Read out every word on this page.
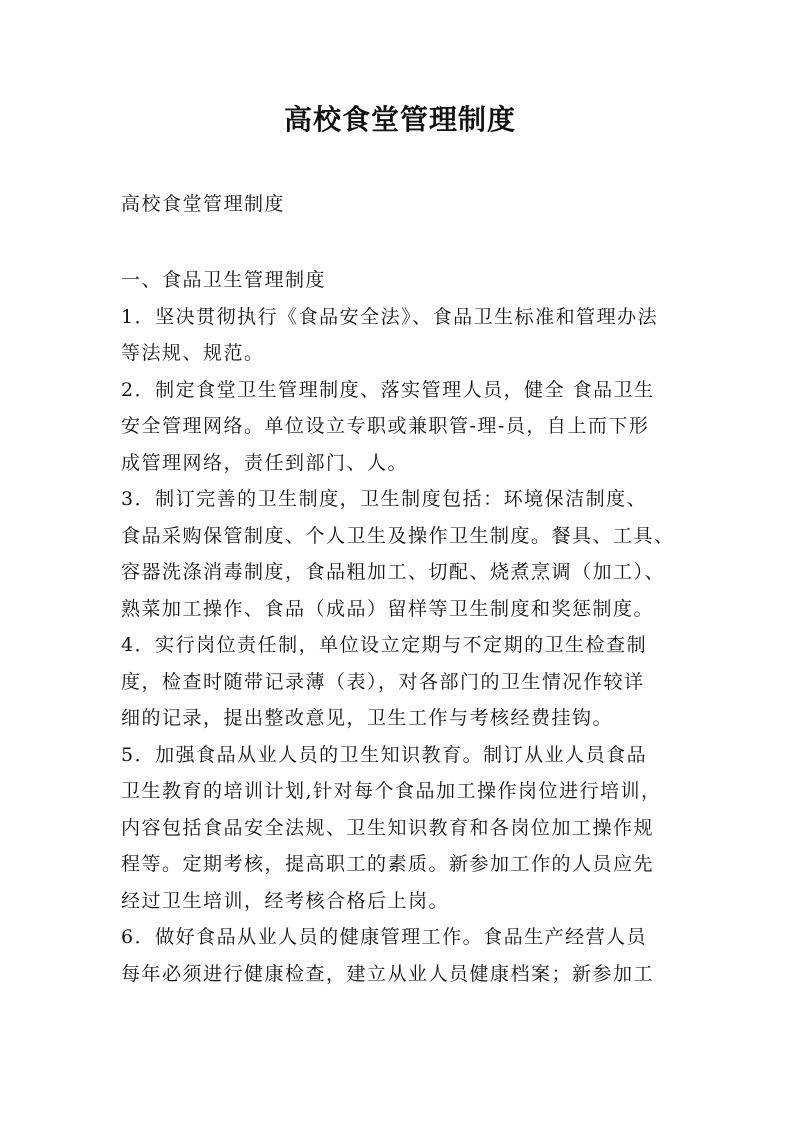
高校食堂管理制度
高校食堂管理制度
一、食品卫生管理制度
1．坚决贯彻执行《食品安全法》、食品卫生标准和管理办法
等法规、规范。
2．制定食堂卫生管理制度、落实管理人员，健全 食品卫生
安全管理网络。单位设立专职或兼职管-理-员，自上而下形
成管理网络，责任到部门、人。
3．制订完善的卫生制度，卫生制度包括：环境保洁制度、
食品采购保管制度、个人卫生及操作卫生制度。餐具、工具、
容器洗涤消毒制度，食品粗加工、切配、烧煮烹调（加工）、
熟菜加工操作、食品（成品）留样等卫生制度和奖惩制度。
4．实行岗位责任制，单位设立定期与不定期的卫生检查制
度，检查时随带记录薄（表），对各部门的卫生情况作较详
细的记录，提出整改意见，卫生工作与考核经费挂钩。
5．加强食品从业人员的卫生知识教育。制订从业人员食品
卫生教育的培训计划,针对每个食品加工操作岗位进行培训，
内容包括食品安全法规、卫生知识教育和各岗位加工操作规
程等。定期考核，提高职工的素质。新参加工作的人员应先
经过卫生培训，经考核合格后上岗。
6．做好食品从业人员的健康管理工作。食品生产经营人员
每年必须进行健康检查，建立从业人员健康档案；新参加工
